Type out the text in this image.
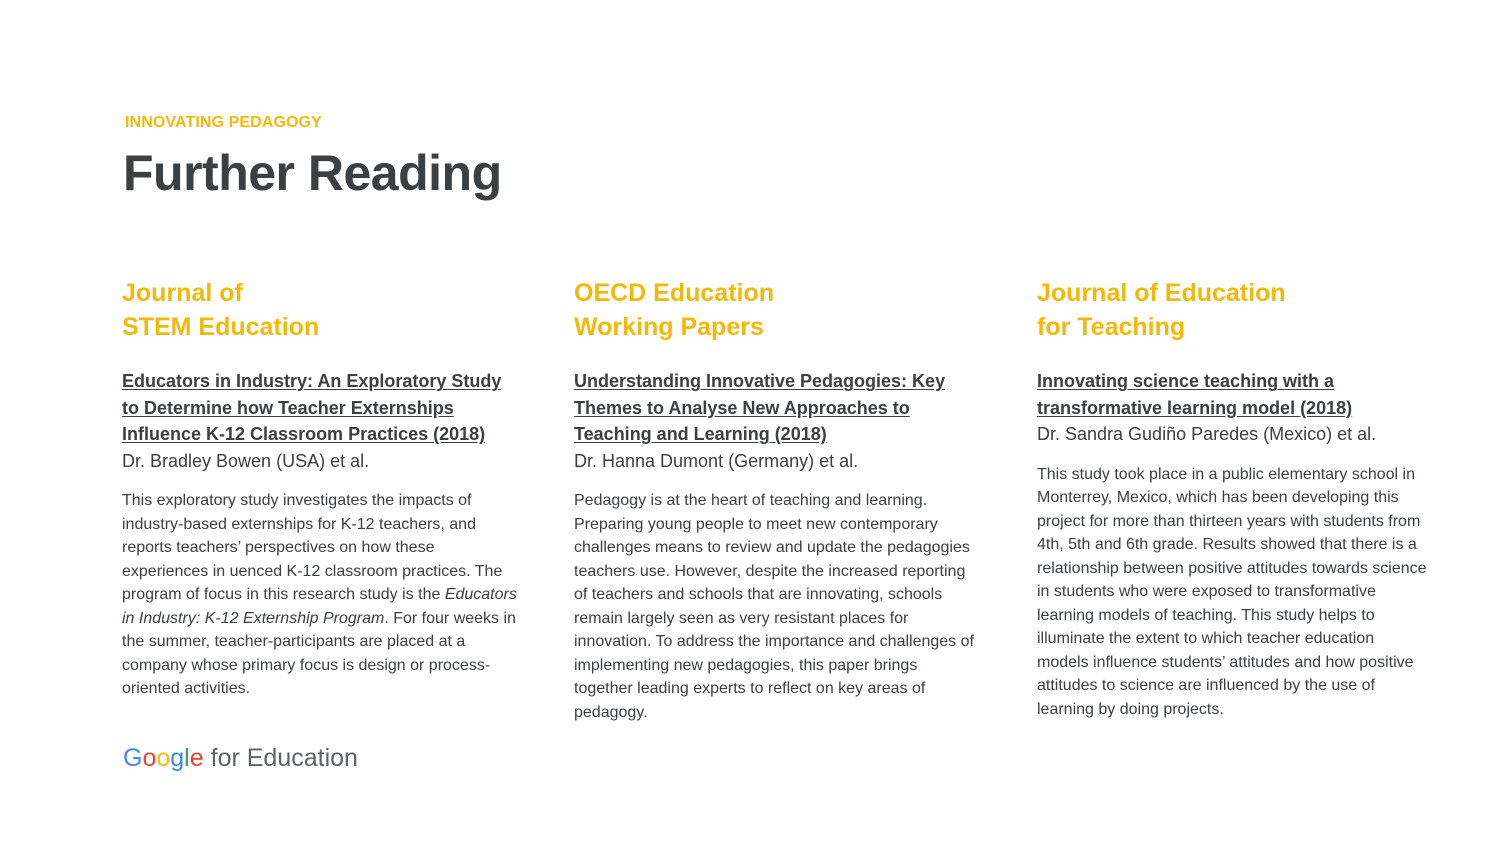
INNOVATING PEDAGOGY
Further Reading
Journal of
STEM Education
Educators in Industry: An Exploratory Study to Determine how Teacher Externships Influence K-12 Classroom Practices (2018)
Dr. Bradley Bowen (USA) et al.
This exploratory study investigates the impacts of industry-based externships for K-12 teachers, and reports teachers’ perspectives on how these experiences in uenced K-12 classroom practices. The program of focus in this research study is the Educators in Industry: K-12 Externship Program. For four weeks in the summer, teacher-participants are placed at a company whose primary focus is design or process-oriented activities.
OECD Education
Working Papers
Understanding Innovative Pedagogies: Key Themes to Analyse New Approaches to Teaching and Learning (2018)
Dr. Hanna Dumont (Germany) et al.
Pedagogy is at the heart of teaching and learning. Preparing young people to meet new contemporary challenges means to review and update the pedagogies teachers use. However, despite the increased reporting of teachers and schools that are innovating, schools remain largely seen as very resistant places for innovation. To address the importance and challenges of implementing new pedagogies, this paper brings together leading experts to reflect on key areas of pedagogy.
Journal of Education
for Teaching
Innovating science teaching with a transformative learning model (2018)
Dr. Sandra Gudiño Paredes (Mexico) et al.
This study took place in a public elementary school in Monterrey, Mexico, which has been developing this project for more than thirteen years with students from 4th, 5th and 6th grade. Results showed that there is a relationship between positive attitudes towards science in students who were exposed to transformative learning models of teaching. This study helps to illuminate the extent to which teacher education models influence students’ attitudes and how positive attitudes to science are influenced by the use of learning by doing projects.
Google for Education
